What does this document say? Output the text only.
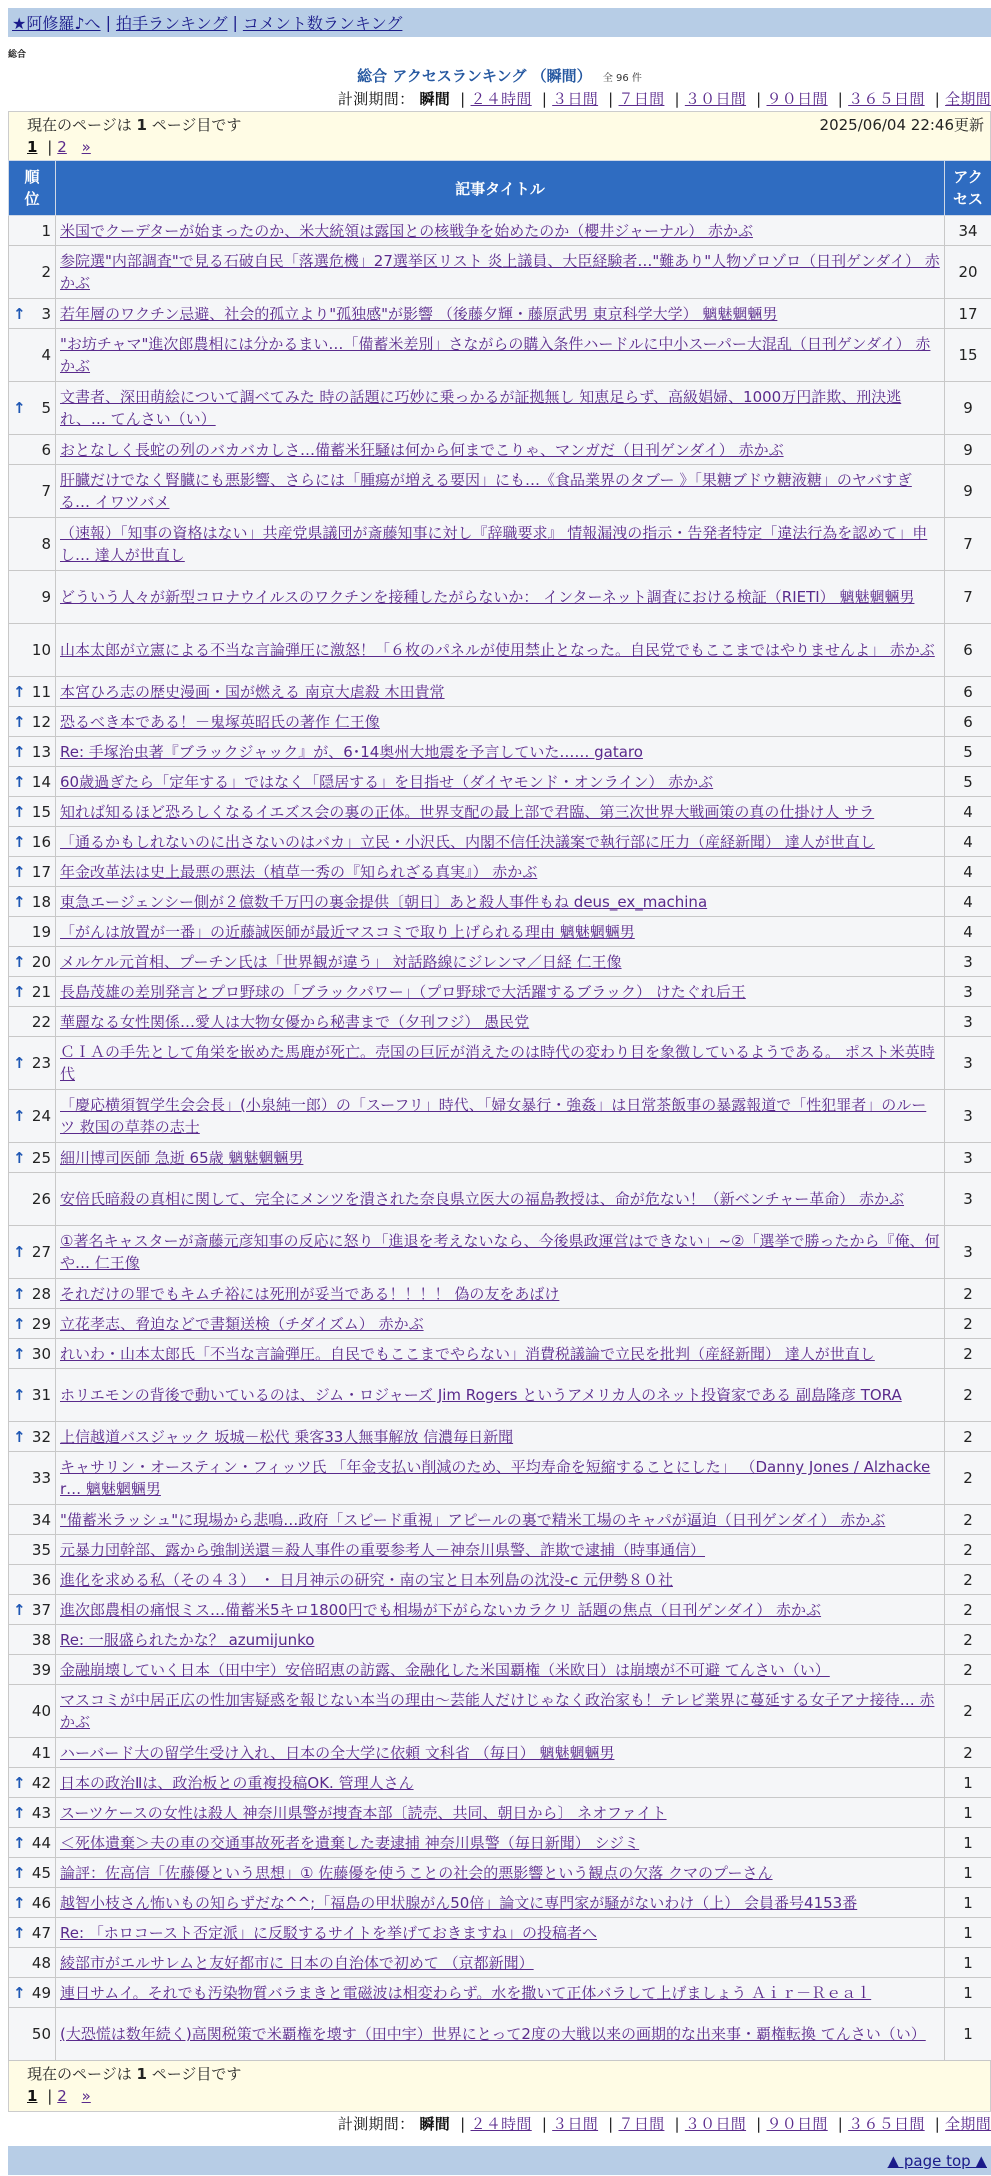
★阿修羅♪へ | 拍手ランキング | コメント数ランキング
総合
総合 アクセスランキング （瞬間） 全 96 件
計測期間： 瞬間 | ２４時間 | ３日間 | ７日間 | ３０日間 | ９０日間 | ３６５日間 | 全期間
現在のページは 1 ページ目です	2025/06/04 22:46更新
1 | 2 »
順位	記事タイトル	アクセス
1	米国でクーデターが始まったのか、米大統領は露国との核戦争を始めたのか（櫻井ジャーナル） 赤かぶ	34
2	参院選"内部調査"で見る石破自民「落選危機」27選挙区リスト 炎上議員、大臣経験者…"難あり"人物ゾロゾロ（日刊ゲンダイ） 赤かぶ	20

↑ 3	若年層のワクチン忌避、社会的孤立より"孤独感"が影響 （後藤夕輝・藤原武男 東京科学大学） 魑魅魍魎男	17
4	"お坊チャマ"進次郎農相には分かるまい…「備蓄米差別」さながらの購入条件ハードルに中小スーパー大混乱（日刊ゲンダイ） 赤かぶ	15

↑ 5	文書者、深田萌絵について調べてみた 時の話題に巧妙に乗っかるが証拠無し 知恵足らず、高級娼婦、1000万円詐欺、刑決逃れ、… てんさい（い）	9
6	おとなしく長蛇の列のバカバカしさ…備蓄米狂騒は何から何までこりゃ、マンガだ（日刊ゲンダイ） 赤かぶ	9
7	肝臓だけでなく腎臓にも悪影響、さらには「腫瘍が増える要因」にも…《食品業界のタブー 》「果糖ブドウ糖液糖」のヤバすぎる… イワツバメ	9
8	（速報）「知事の資格はない」共産党県議団が斎藤知事に対し『辞職要求』 情報漏洩の指示・告発者特定「違法行為を認めて」申し… 達人が世直し	7
9	どういう人々が新型コロナウイルスのワクチンを接種したがらないか： インターネット調査における検証（RIETI） 魑魅魍魎男	7
10	山本太郎が立憲による不当な言論弾圧に激怒！「６枚のパネルが使用禁止となった。自民党でもここまではやりませんよ」 赤かぶ	6

↑ 11	本宮ひろ志の歴史漫画・国が燃える 南京大虐殺 木田貴常	6

↑ 12	恐るべき本である！－鬼塚英昭氏の著作 仁王像	6

↑ 13	Re: 手塚治虫著『ブラックジャック』が、6･14奥州大地震を予言していた…… gataro	5

↑ 14	60歳過ぎたら「定年する」ではなく「隠居する」を目指せ（ダイヤモンド・オンライン） 赤かぶ	5

↑ 15	知れば知るほど恐ろしくなるイエズス会の裏の正体。世界支配の最上部で君臨、第三次世界大戦画策の真の仕掛け人 サラ	4

↑ 16	「通るかもしれないのに出さないのはバカ」立民・小沢氏、内閣不信任決議案で執行部に圧力（産経新聞） 達人が世直し	4

↑ 17	年金改革法は史上最悪の悪法（植草一秀の『知られざる真実』） 赤かぶ	4

↑ 18	東急エージェンシー側が２億数千万円の裏金提供〔朝日〕あと殺人事件もね deus_ex_machina	4
19	「がんは放置が一番」の近藤誠医師が最近マスコミで取り上げられる理由 魑魅魍魎男	4

↑ 20	メルケル元首相、プーチン氏は「世界観が違う」 対話路線にジレンマ／日経 仁王像	3

↑ 21	長島茂雄の差別発言とプロ野球の「ブラックパワー」（プロ野球で大活躍するブラック） けたぐれ后王	3
22	華麗なる女性関係…愛人は大物女優から秘書まで（夕刊フジ） 愚民党	3

↑ 23	ＣＩＡの手先として角栄を嵌めた馬鹿が死亡。売国の巨匠が消えたのは時代の変わり目を象徴しているようである。 ポスト米英時代	3

↑ 24	「慶応横須賀学生会会長」(小泉純一郎）の「スーフリ」時代、「婦女暴行・強姦」は日常茶飯事の暴露報道で「性犯罪者」のルーツ 救国の草莽の志士	3

↑ 25	細川博司医師 急逝 65歳 魑魅魍魎男	3
26	安倍氏暗殺の真相に関して、完全にメンツを潰された奈良県立医大の福島教授は、命が危ない！（新ベンチャー革命） 赤かぶ	3

↑ 27	①著名キャスターが斎藤元彦知事の反応に怒り「進退を考えないなら、今後県政運営はできない」~②「選挙で勝ったから『俺、何や… 仁王像	3

↑ 28	それだけの罪でもキムチ裕には死刑が妥当である！！！！ 偽の友をあばけ	2

↑ 29	立花孝志、脅迫などで書類送検（チダイズム） 赤かぶ	2

↑ 30	れいわ・山本太郎氏「不当な言論弾圧。自民でもここまでやらない」消費税議論で立民を批判（産経新聞） 達人が世直し	2

↑ 31	ホリエモンの背後で動いているのは、ジム・ロジャーズ Jim Rogers というアメリカ人のネット投資家である 副島隆彦 TORA	2

↑ 32	上信越道バスジャック 坂城－松代 乗客33人無事解放 信濃毎日新聞	2
33	キャサリン・オースティン・フィッツ氏 「年金支払い削減のため、平均寿命を短縮することにした」 （Danny Jones / Alzhacker… 魑魅魍魎男	2
34	"備蓄米ラッシュ"に現場から悲鳴…政府「スピード重視」アピールの裏で精米工場のキャパが逼迫（日刊ゲンダイ） 赤かぶ	2
35	元暴力団幹部、露から強制送還＝殺人事件の重要参考人－神奈川県警、詐欺で逮捕（時事通信）	2
36	進化を求める私（その４３） ・ 日月神示の研究・南の宝と日本列島の沈没-c 元伊勢８０社	2

↑ 37	進次郎農相の痛恨ミス…備蓄米5キロ1800円でも相場が下がらないカラクリ 話題の焦点（日刊ゲンダイ） 赤かぶ	2
38	Re: 一服盛られたかな？ azumijunko	2
39	金融崩壊していく日本（田中宇）安倍昭恵の訪露、金融化した米国覇権（米欧日）は崩壊が不可避 てんさい（い）	2
40	マスコミが中居正広の性加害疑惑を報じない本当の理由～芸能人だけじゃなく政治家も！テレビ業界に蔓延する女子アナ接待… 赤かぶ	2
41	ハーバード大の留学生受け入れ、日本の全大学に依頼 文科省 （毎日） 魑魅魍魎男	2

↑ 42	日本の政治Ⅱは、政治板との重複投稿OK. 管理人さん	1

↑ 43	スーツケースの女性は殺人 神奈川県警が捜査本部〔読売、共同、朝日から〕 ネオファイト	1

↑ 44	＜死体遺棄＞夫の車の交通事故死者を遺棄した妻逮捕 神奈川県警（毎日新聞） シジミ	1

↑ 45	論評：佐高信「佐藤優という思想」① 佐藤優を使うことの社会的悪影響という観点の欠落 クマのプーさん	1

↑ 46	越智小枝さん怖いもの知らずだな^^;「福島の甲状腺がん50倍」論文に専門家が騒がないわけ（上） 会員番号4153番	1

↑ 47	Re: 「ホロコースト否定派」に反駁するサイトを挙げておきますね」の投稿者へ	1
48	綾部市がエルサレムと友好都市に 日本の自治体で初めて （京都新聞）	1

↑ 49	連日サムイ。それでも汚染物質バラまきと電磁波は相変わらず。水を撒いて正体バラして上げましょう Ａｉｒ－Ｒｅａｌ	1
50	(大恐慌は数年続く)高関税策で米覇権を壊す（田中宇）世界にとって2度の大戦以来の画期的な出来事・覇権転換 てんさい（い）	1
現在のページは 1 ページ目です
1 | 2 »
計測期間： 瞬間 | ２４時間 | ３日間 | ７日間 | ３０日間 | ９０日間 | ３６５日間 | 全期間
▲ page top ▲
